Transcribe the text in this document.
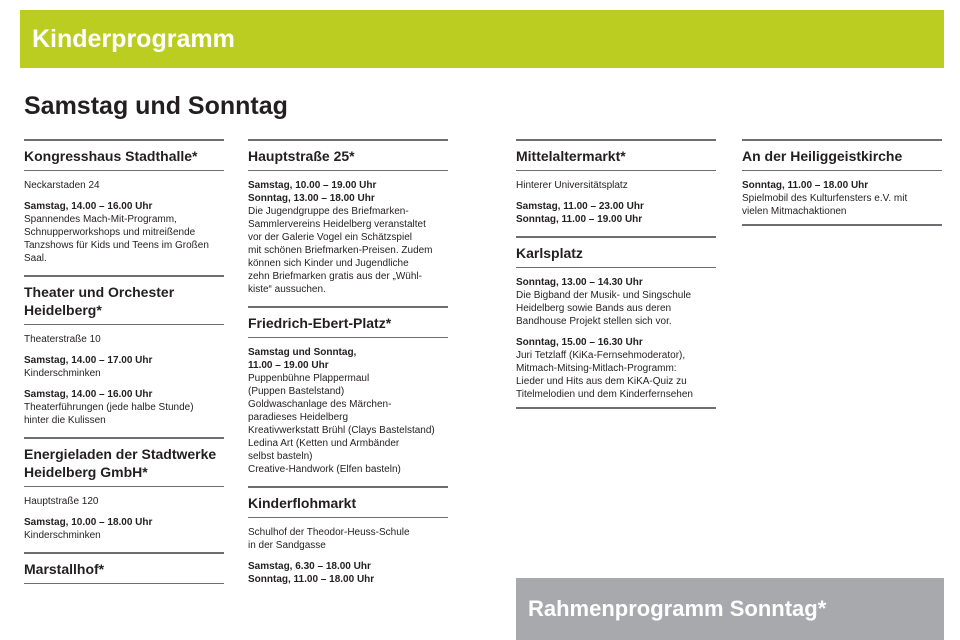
Kinderprogramm
Samstag und Sonntag
Kongresshaus Stadthalle*
Neckarstaden 24
Samstag, 14.00 – 16.00 Uhr
Spannendes Mach-Mit-Programm,
Schnupperworkshops und mitreißende
Tanzshows für Kids und Teens im Großen
Saal.
Theater und Orchester
Heidelberg*
Theaterstraße 10
Samstag, 14.00 – 17.00 Uhr
Kinderschminken
Samstag, 14.00 – 16.00 Uhr
Theaterführungen (jede halbe Stunde)
hinter die Kulissen
Energieladen der Stadtwerke
Heidelberg GmbH*
Hauptstraße 120
Samstag, 10.00 – 18.00 Uhr
Kinderschminken
Marstallhof*
Hauptstraße 25*
Samstag, 10.00 – 19.00 Uhr
Sonntag, 13.00 – 18.00 Uhr
Die Jugendgruppe des Briefmarken-
Sammlervereins Heidelberg veranstaltet
vor der Galerie Vogel ein Schätzspiel
mit schönen Briefmarken-Preisen. Zudem
können sich Kinder und Jugendliche
zehn Briefmarken gratis aus der „Wühl-
kiste“ aussuchen.
Friedrich-Ebert-Platz*
Samstag und Sonntag,
11.00 – 19.00 Uhr
Puppenbühne Plappermaul
(Puppen Bastelstand)
Goldwaschanlage des Märchen-
paradieses Heidelberg
Kreativwerkstatt Brühl (Clays Bastelstand)
Ledina Art (Ketten und Armbänder
selbst basteln)
Creative-Handwork (Elfen basteln)
Kinderflohmarkt
Schulhof der Theodor-Heuss-Schule
in der Sandgasse
Samstag, 6.30 – 18.00 Uhr
Sonntag, 11.00 – 18.00 Uhr
Mittelaltermarkt*
Hinterer Universitätsplatz
Samstag, 11.00 – 23.00 Uhr
Sonntag, 11.00 – 19.00 Uhr
Karlsplatz
Sonntag, 13.00 – 14.30 Uhr
Die Bigband der Musik- und Singschule
Heidelberg sowie Bands aus deren
Bandhouse Projekt stellen sich vor.
Sonntag, 15.00 – 16.30 Uhr
Juri Tetzlaff (KiKa-Fernsehmoderator),
Mitmach-Mitsing-Mitlach-Programm:
Lieder und Hits aus dem KiKA-Quiz zu
Titelmelodien und dem Kinderfernsehen
An der Heiliggeistkirche
Sonntag, 11.00 – 18.00 Uhr
Spielmobil des Kulturfensters e.V. mit
vielen Mitmachaktionen
Rahmenprogramm Sonntag*
